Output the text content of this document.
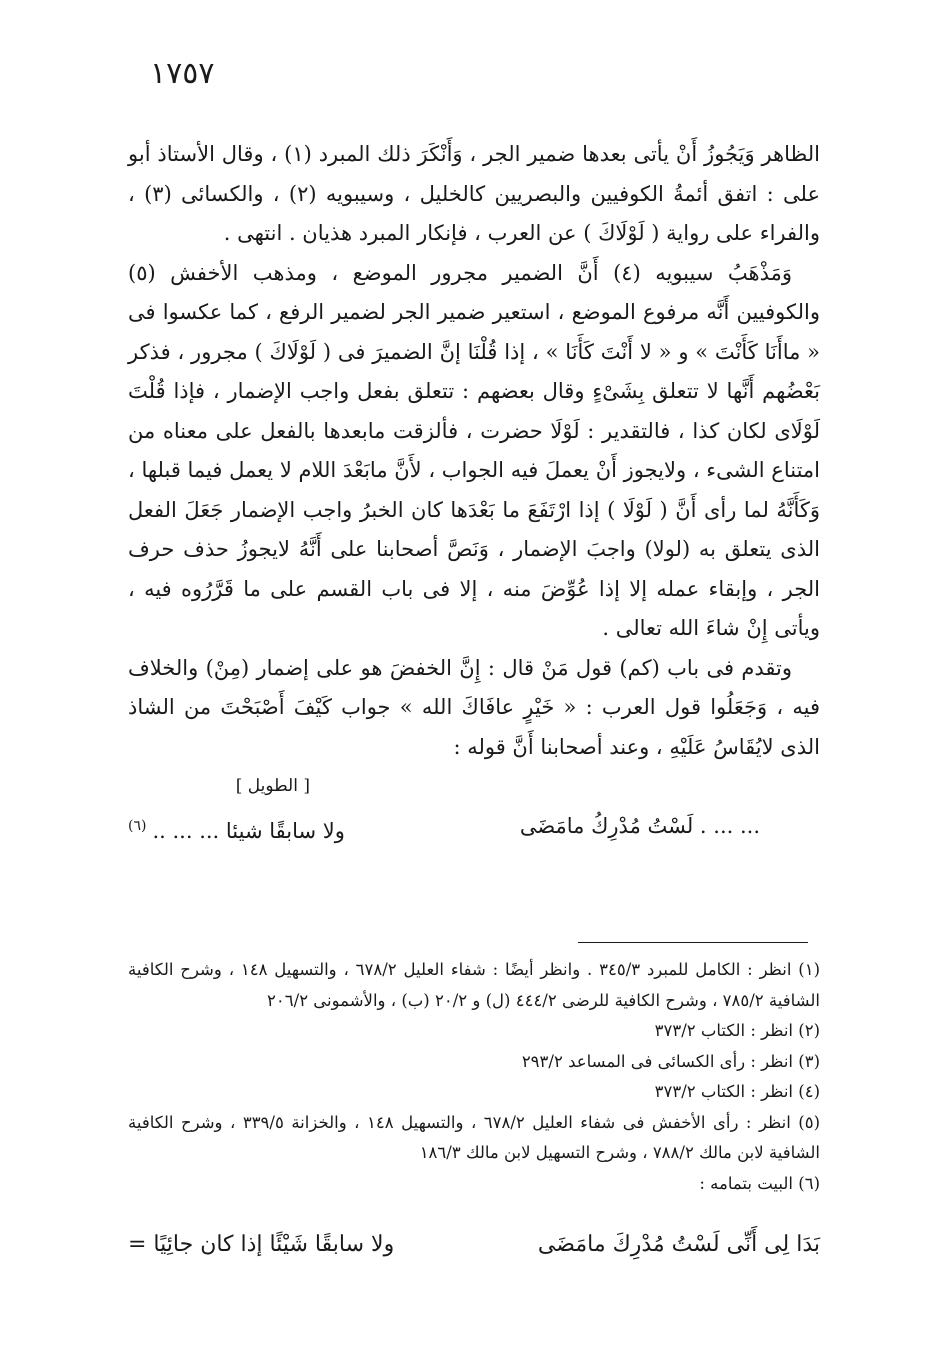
١٧٥٧

الظاهر وَيَجُوزُ أَنْ يأتى بعدها ضمير الجر ، وَأَنْكَرَ ذلك المبرد (١) ، وقال الأستاذ أبو على : اتفق أئمةُ الكوفيين والبصريين كالخليل ، وسيبويه (٢) ، والكسائى (٣) ، والفراء على رواية ( لَوْلَاكَ ) عن العرب ، فإنكار المبرد هذيان . انتهى .

وَمَذْهَبُ سيبويه (٤) أَنَّ الضمير مجرور الموضع ، ومذهب الأخفش (٥) والكوفيين أَنَّه مرفوع الموضع ، استعير ضمير الجر لضمير الرفع ، كما عكسوا فى « ماأَنَا كَأَنْتَ » و « لا أَنْتَ كَأَنَا » ، إذا قُلْنَا إنَّ الضميرَ فى ( لَوْلَاكَ ) مجرور ، فذكر بَعْضُهم أَنَّها لا تتعلق بِشَىْءٍ وقال بعضهم : تتعلق بفعل واجب الإضمار ، فإذا قُلْتَ لَوْلَاى لكان كذا ، فالتقدير : لَوْلَا حضرت ، فألزقت مابعدها بالفعل على معناه من امتناع الشىء ، ولايجوز أَنْ يعملَ فيه الجواب ، لأَنَّ مابَعْدَ اللام لا يعمل فيما قبلها ، وَكَأَنَّهُ لما رأى أَنَّ ( لَوْلَا ) إذا ارْتَفَعَ ما بَعْدَها كان الخبرُ واجب الإضمار جَعَلَ الفعل الذى يتعلق به (لولا) واجبَ الإضمار ، وَنَصَّ أصحابنا على أَنَّهُ لايجوزُ حذف حرف الجر ، وإبقاء عمله إلا إذا عُوِّضَ منه ، إلا فى باب القسم على ما قَرَّرُوه فيه ، ويأتى إِنْ شاءَ الله تعالى .

وتقدم فى باب (كم) قول مَنْ قال : إِنَّ الخفضَ هو على إضمار (مِنْ) والخلاف فيه ، وَجَعَلُوا قول العرب : « خَيْرٍ عافَاكَ الله » جواب كَيْفَ أَصْبَحْتَ من الشاذ الذى لايُقَاسُ عَلَيْهِ ، وعند أصحابنا أَنَّ قوله :

[ الطويل ]
... ... . لَسْتُ مُدْرِكُ مامَضَى
ولا سابقًا شيئا ... ... ..$^{(٦)}$

(١) انظر : الكامل للمبرد ٣٤٥/٣ . وانظر أيضًا : شفاء العليل ٦٧٨/٢ ، والتسهيل ١٤٨ ، وشرح الكافية الشافية ٧٨٥/٢ ، وشرح الكافية للرضى ٤٤٤/٢ (ل) و ٢٠/٢ (ب) ، والأشمونى ٢٠٦/٢

(٢) انظر : الكتاب ٣٧٣/٢

(٣) انظر : رأى الكسائى فى المساعد ٢٩٣/٢

(٤) انظر : الكتاب ٣٧٣/٢

(٥) انظر : رأى الأخفش فى شفاء العليل ٦٧٨/٢ ، والتسهيل ١٤٨ ، والخزانة ٣٣٩/٥ ، وشرح الكافية الشافية لابن مالك ٧٨٨/٢ ، وشرح التسهيل لابن مالك ١٨٦/٣

(٦) البيت بتمامه :

بَدَا لِى أَنِّى لَسْتُ مُدْرِكَ مامَضَى
ولا سابقًا شَيْئًا إذا كان جائِيًا =
